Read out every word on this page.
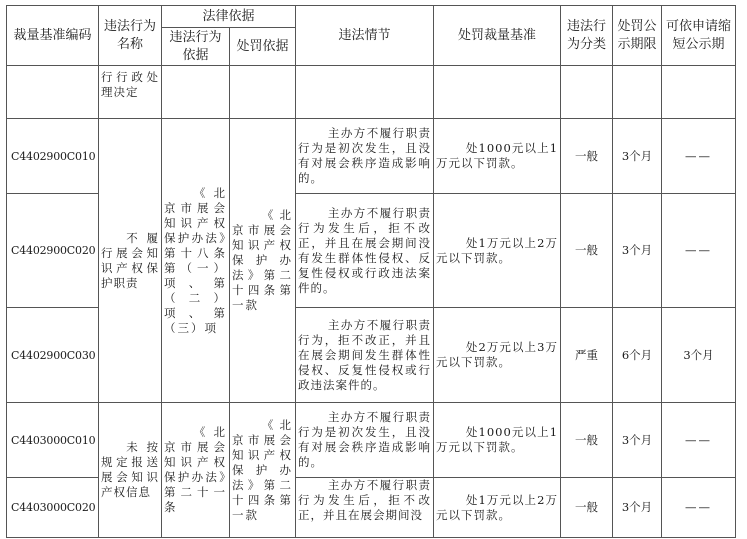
裁量基准编码	违法行为名称	法律依据		违法情节	处罚裁量基准	违法行为分类	处罚公示期限	可依申请缩短公示期
		违法行为依据	处罚依据					
	行行政处理决定							
C4402900C010	不履行展会知识产权保护职责	《北京市展会知识产权保护办法》第十八条第（一）项、第（二）项、第（三）项	《北京市展会知识产权保护办法》第二十四条第一款	主办方不履行职责行为是初次发生，且没有对展会秩序造成影响的。	处1000元以上1万元以下罚款。	一般	3个月	——
C4402900C020				主办方不履行职责行为发生后，拒不改正，并且在展会期间没有发生群体性侵权、反复性侵权或行政违法案件的。	处1万元以上2万元以下罚款。	一般	3个月	——
C4402900C030				主办方不履行职责行为，拒不改正，并且在展会期间发生群体性侵权、反复性侵权或行政违法案件的。	处2万元以上3万元以下罚款。	严重	6个月	3个月
C4403000C010	未按规定报送展会知识产权信息	《北京市展会知识产权保护办法》第二十一条	《北京市展会知识产权保护办法》第二十四条第一款	主办方不履行职责行为是初次发生，且没有对展会秩序造成影响的。	处1000元以上1万元以下罚款。	一般	3个月	——
C4403000C020				主办方不履行职责行为发生后，拒不改正，并且在展会期间没	处1万元以上2万元以下罚款。	一般	3个月	——
